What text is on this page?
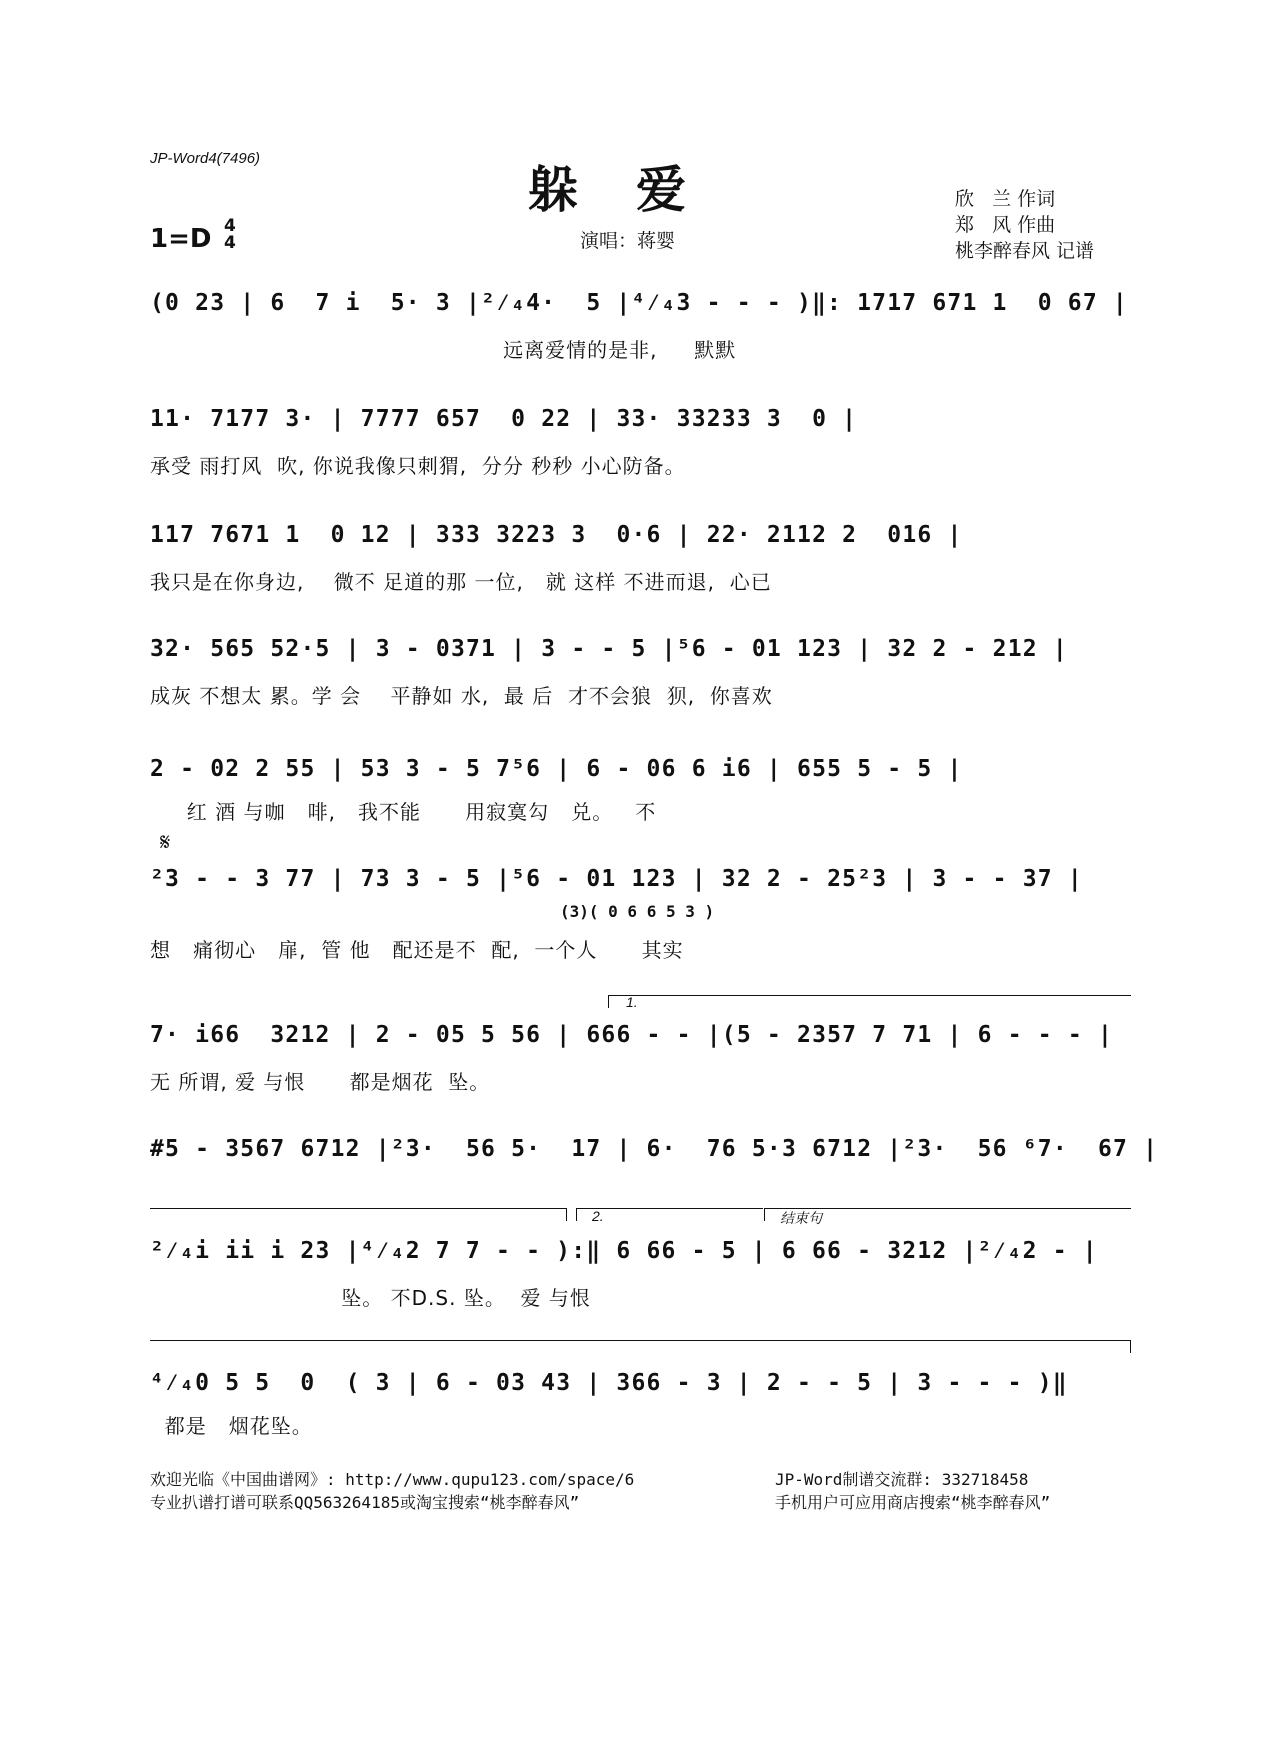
JP-Word4(7496)
躲爱
1=D 4
4	演唱：蒋婴
欣   兰 作词
郑   风 作曲
桃李醉春风 记谱
(0 23 | 6  7 i  5· 3 |²⁄₄4·  5 |⁴⁄₄3 - - - )‖: 1717 671 1  0 67 |
远离爱情的是非,     默默
11· 7177 3· | 7777 657  0 22 | 33· 33233 3  0 |
承受 雨打风  吹, 你说我像只刺猬,  分分 秒秒 小心防备。
117 7671 1  0 12 | 333 3223 3  0·6 | 22· 2112 2  016 |
我只是在你身边,    微不 足道的那 一位,   就 这样 不进而退,  心已
32· 565 52·5 | 3 - 0371 | 3 - - 5 |⁵6 - 01 123 | 32 2 - 212 |
成灰 不想太 累。学 会    平静如 水,  最 后  才不会狼  狈,  你喜欢
2 - 02 2 55 | 53 3 - 5 7⁵6 | 6 - 06 6 i6 | 655 5 - 5 |
红 酒 与咖   啡,   我不能      用寂寞勾   兑。   不
𝄋
²3 - - 3 77 | 73 3 - 5 |⁵6 - 01 123 | 32 2 - 25²3 | 3 - - 37 |
(3)( 0 6 6 5 3 )
想   痛彻心   扉,  管 他   配还是不  配,  一个人      其实
1.
7· i66  3212 | 2 - 05 5 56 | 666 - - |(5 - 2357 7 71 | 6 - - - |
无 所谓, 爱 与恨      都是烟花  坠。
#5 - 3567 6712 |²3·  56 5·  17 | 6·  76 5·3 6712 |²3·  56 ⁶7·  67 |
2.	结束句
²⁄₄i ii i 23 |⁴⁄₄2 7 7 - - ):‖ 6 66 - 5 | 6 66 - 3212 |²⁄₄2 - |
坠。 不D.S. 坠。  爱 与恨
⁴⁄₄0 5 5  0  ( 3 | 6 - 03 43 | 366 - 3 | 2 - - 5 | 3 - - - )‖
都是   烟花坠。
欢迎光临《中国曲谱网》: http://www.qupu123.com/space/6
专业扒谱打谱可联系QQ563264185或淘宝搜索“桃李醉春风”
JP-Word制谱交流群: 332718458
手机用户可应用商店搜索“桃李醉春风”
